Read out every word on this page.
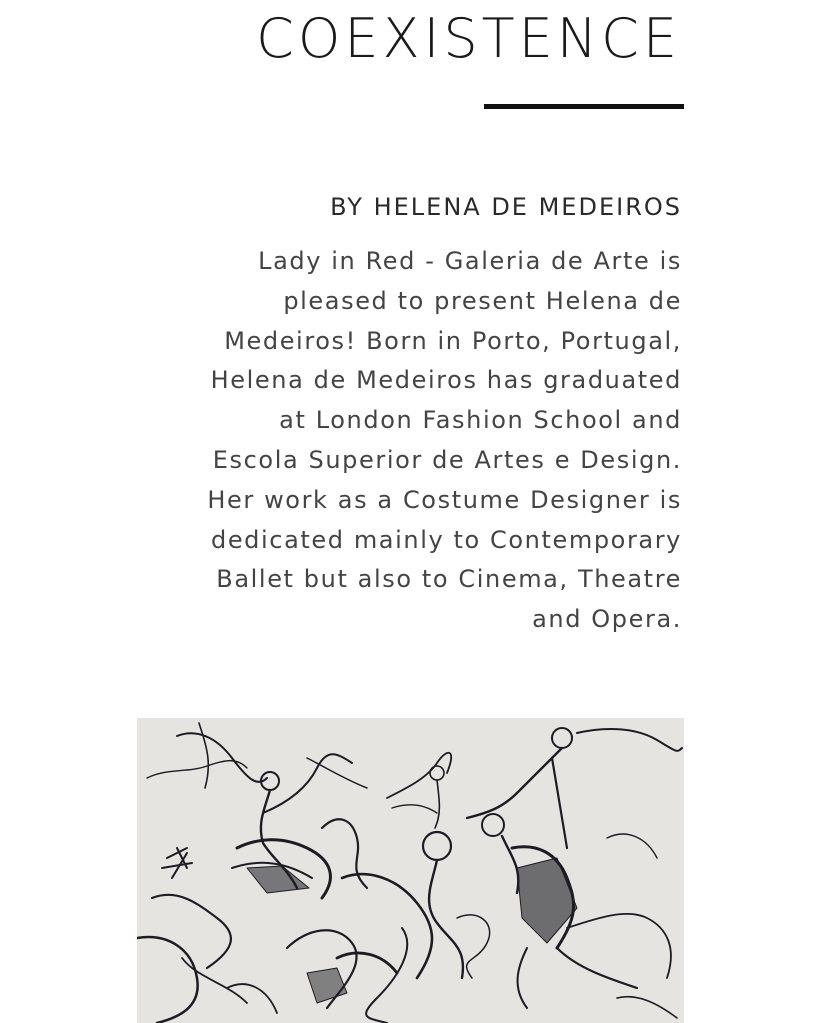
COEXISTENCE

BY HELENA DE MEDEIROS

Lady in Red - Galeria de Arte is
pleased to present Helena de
Medeiros! Born in Porto, Portugal,
Helena de Medeiros has graduated
at London Fashion School and
Escola Superior de Artes e Design.
Her work as a Costume Designer is
dedicated mainly to Contemporary
Ballet but also to Cinema, Theatre
and Opera.
